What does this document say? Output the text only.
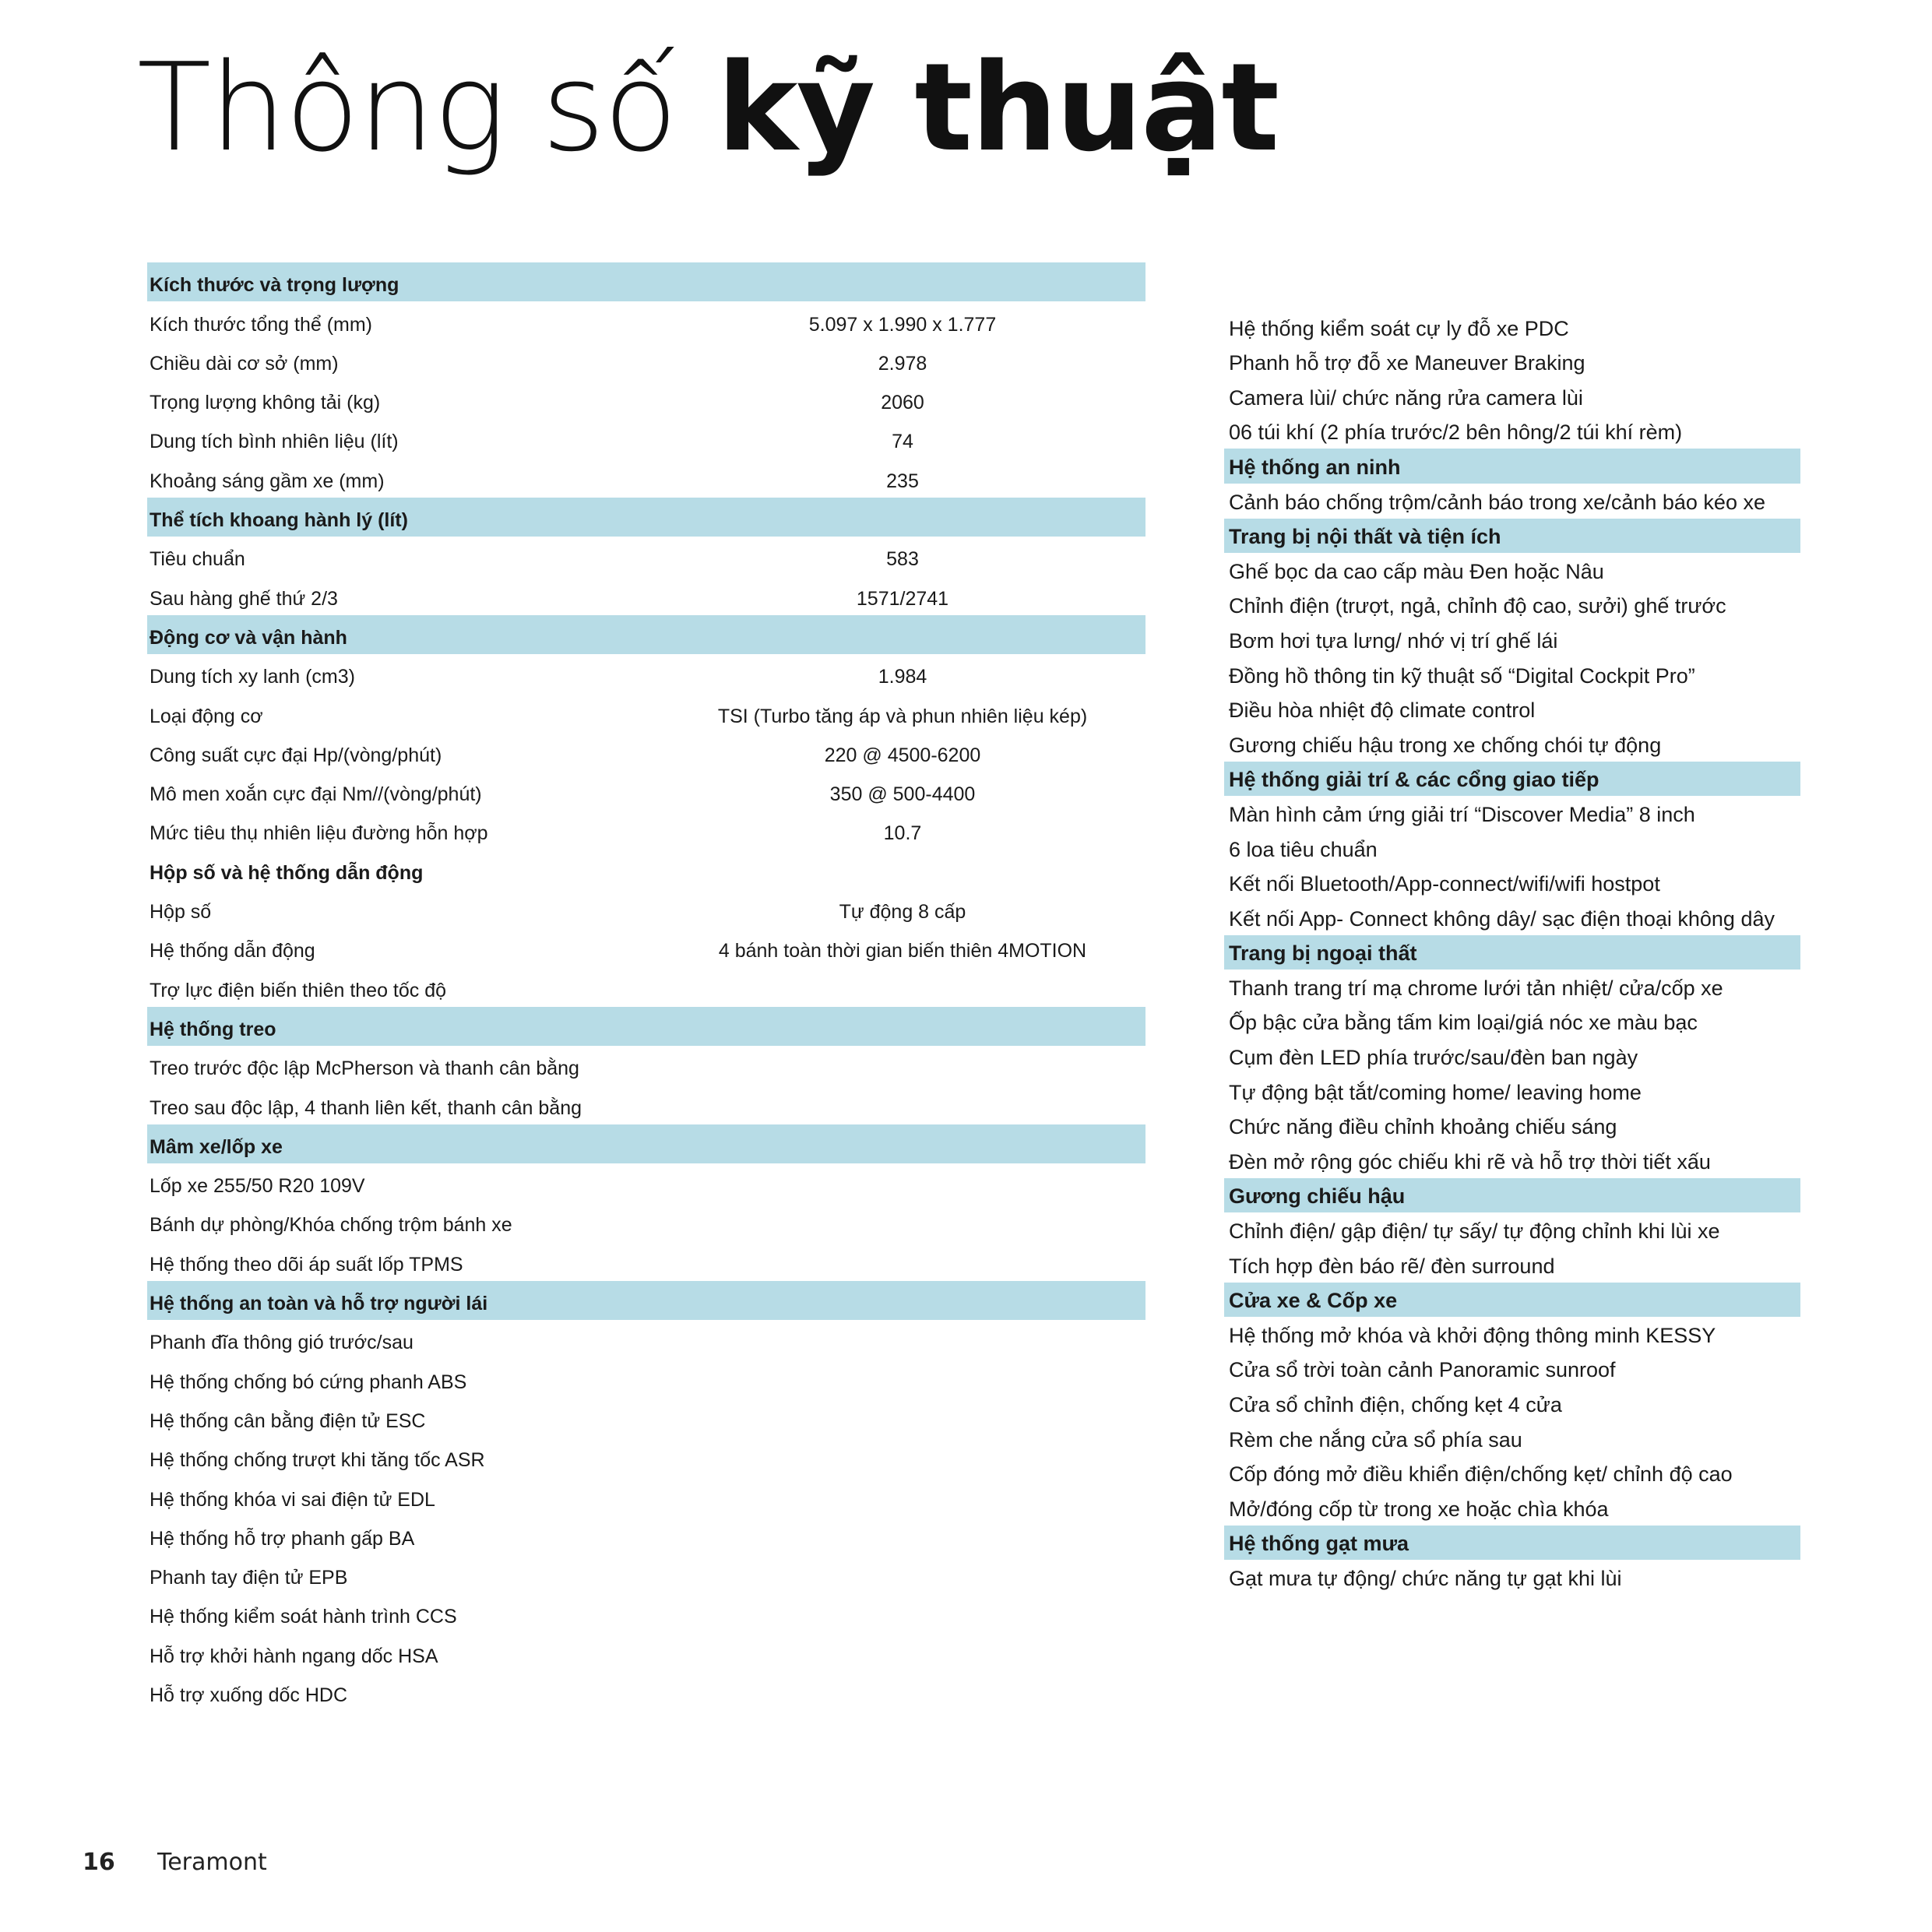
Thông số kỹ thuật
Kích thước và trọng lượng
Kích thước tổng thể (mm)	5.097 x 1.990 x 1.777
Chiều dài cơ sở (mm)	2.978
Trọng lượng không tải (kg)	2060
Dung tích bình nhiên liệu (lít)	74
Khoảng sáng gầm xe (mm)	235
Thể tích khoang hành lý (lít)
Tiêu chuẩn	583
Sau hàng ghế thứ 2/3	1571/2741
Động cơ và vận hành
Dung tích xy lanh (cm3)	1.984
Loại động cơ	TSI (Turbo tăng áp và phun nhiên liệu kép)
Công suất cực đại Hp/(vòng/phút)	220 @ 4500-6200
Mô men xoắn cực đại Nm//(vòng/phút)	350 @ 500-4400
Mức tiêu thụ nhiên liệu đường hỗn hợp	10.7
Hộp số và hệ thống dẫn động
Hộp số	Tự động 8 cấp
Hệ thống dẫn động	4 bánh toàn thời gian biến thiên 4MOTION
Trợ lực điện biến thiên theo tốc độ
Hệ thống treo
Treo trước độc lập McPherson và thanh cân bằng
Treo sau độc lập, 4 thanh liên kết, thanh cân bằng
Mâm xe/lốp xe
Lốp xe 255/50 R20 109V
Bánh dự phòng/Khóa chống trộm bánh xe
Hệ thống theo dõi áp suất lốp TPMS
Hệ thống an toàn và hỗ trợ người lái
Phanh đĩa thông gió trước/sau
Hệ thống chống bó cứng phanh ABS
Hệ thống cân bằng điện tử ESC
Hệ thống chống trượt khi tăng tốc ASR
Hệ thống khóa vi sai điện tử EDL
Hệ thống hỗ trợ phanh gấp BA
Phanh tay điện tử EPB
Hệ thống kiểm soát hành trình CCS
Hỗ trợ khởi hành ngang dốc HSA
Hỗ trợ xuống dốc HDC
Hệ thống kiểm soát cự ly đỗ xe PDC
Phanh hỗ trợ đỗ xe Maneuver Braking
Camera lùi/ chức năng rửa camera lùi
06 túi khí (2 phía trước/2 bên hông/2 túi khí rèm)
Hệ thống an ninh
Cảnh báo chống trộm/cảnh báo trong xe/cảnh báo kéo xe
Trang bị nội thất và tiện ích
Ghế bọc da cao cấp màu Đen hoặc Nâu
Chỉnh điện (trượt, ngả, chỉnh độ cao, sưởi) ghế trước
Bơm hơi tựa lưng/ nhớ vị trí ghế lái
Đồng hồ thông tin kỹ thuật số “Digital Cockpit Pro”
Điều hòa nhiệt độ climate control
Gương chiếu hậu trong xe chống chói tự động
Hệ thống giải trí & các cổng giao tiếp
Màn hình cảm ứng giải trí “Discover Media” 8 inch
6 loa tiêu chuẩn
Kết nối Bluetooth/App-connect/wifi/wifi hostpot
Kết nối App- Connect không dây/ sạc điện thoại không dây
Trang bị ngoại thất
Thanh trang trí mạ chrome lưới tản nhiệt/ cửa/cốp xe
Ốp bậc cửa bằng tấm kim loại/giá nóc xe màu bạc
Cụm đèn LED phía trước/sau/đèn ban ngày
Tự động bật tắt/coming home/ leaving home
Chức năng điều chỉnh khoảng chiếu sáng
Đèn mở rộng góc chiếu khi rẽ và hỗ trợ thời tiết xấu
Gương chiếu hậu
Chỉnh điện/ gập điện/ tự sấy/ tự động chỉnh khi lùi xe
Tích hợp đèn báo rẽ/ đèn surround
Cửa xe & Cốp xe
Hệ thống mở khóa và khởi động thông minh KESSY
Cửa sổ trời toàn cảnh Panoramic sunroof
Cửa sổ chỉnh điện, chống kẹt 4 cửa
Rèm che nắng cửa sổ phía sau
Cốp đóng mở điều khiển điện/chống kẹt/ chỉnh độ cao
Mở/đóng cốp từ trong xe hoặc chìa khóa
Hệ thống gạt mưa
Gạt mưa tự động/ chức năng tự gạt khi lùi
16 Teramont
